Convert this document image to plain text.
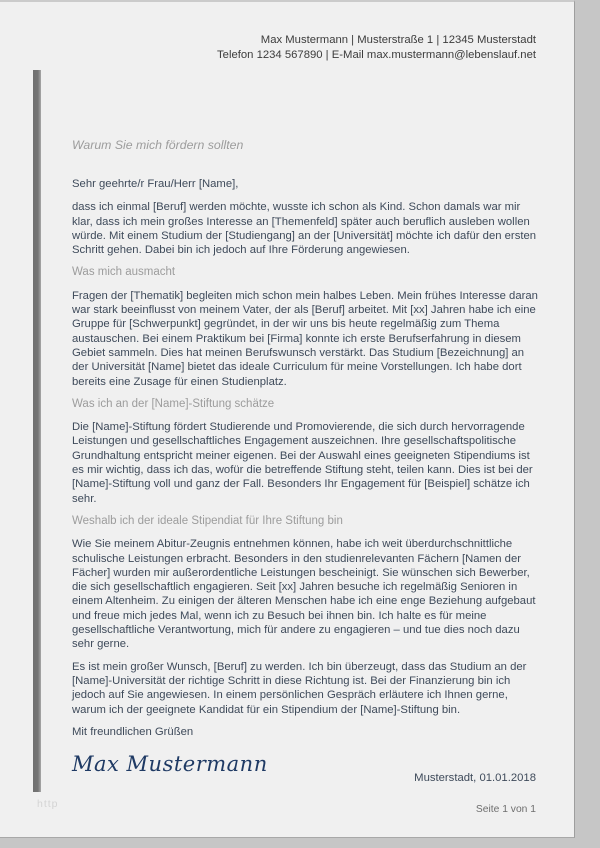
Max Mustermann | Musterstraße 1 | 12345 Musterstadt
Telefon 1234 567890 | E-Mail max.mustermann@lebenslauf.net
Warum Sie mich fördern sollten
Sehr geehrte/r Frau/Herr [Name],

dass ich einmal [Beruf] werden möchte, wusste ich schon als Kind. Schon damals war mir klar, dass ich mein großes Interesse an [Themenfeld] später auch beruflich ausleben wollen würde. Mit einem Studium der [Studiengang] an der [Universität] möchte ich dafür den ersten Schritt gehen. Dabei bin ich jedoch auf Ihre Förderung angewiesen.

Was mich ausmacht

Fragen der [Thematik] begleiten mich schon mein halbes Leben. Mein frühes Interesse daran war stark beeinflusst von meinem Vater, der als [Beruf] arbeitet. Mit [xx] Jahren habe ich eine Gruppe für [Schwerpunkt] gegründet, in der wir uns bis heute regelmäßig zum Thema austauschen. Bei einem Praktikum bei [Firma] konnte ich erste Berufserfahrung in diesem Gebiet sammeln. Dies hat meinen Berufswunsch verstärkt. Das Studium [Bezeichnung] an der Universität [Name] bietet das ideale Curriculum für meine Vorstellungen. Ich habe dort bereits eine Zusage für einen Studienplatz.

Was ich an der [Name]-Stiftung schätze

Die [Name]-Stiftung fördert Studierende und Promovierende, die sich durch hervorragende Leistungen und gesellschaftliches Engagement auszeichnen. Ihre gesellschaftspolitische Grundhaltung entspricht meiner eigenen. Bei der Auswahl eines geeigneten Stipendiums ist es mir wichtig, dass ich das, wofür die betreffende Stiftung steht, teilen kann. Dies ist bei der [Name]-Stiftung voll und ganz der Fall. Besonders Ihr Engagement für [Beispiel] schätze ich sehr.

Weshalb ich der ideale Stipendiat für Ihre Stiftung bin

Wie Sie meinem Abitur-Zeugnis entnehmen können, habe ich weit überdurchschnittliche schulische Leistungen erbracht. Besonders in den studienrelevanten Fächern [Namen der Fächer] wurden mir außerordentliche Leistungen bescheinigt. Sie wünschen sich Bewerber, die sich gesellschaftlich engagieren. Seit [xx] Jahren besuche ich regelmäßig Senioren in einem Altenheim. Zu einigen der älteren Menschen habe ich eine enge Beziehung aufgebaut und freue mich jedes Mal, wenn ich zu Besuch bei ihnen bin. Ich halte es für meine gesellschaftliche Verantwortung, mich für andere zu engagieren – und tue dies noch dazu sehr gerne.

Es ist mein großer Wunsch, [Beruf] zu werden. Ich bin überzeugt, dass das Studium an der [Name]-Universität der richtige Schritt in diese Richtung ist. Bei der Finanzierung bin ich jedoch auf Sie angewiesen. In einem persönlichen Gespräch erläutere ich Ihnen gerne, warum ich der geeignete Kandidat für ein Stipendium der [Name]-Stiftung bin.

Mit freundlichen Grüßen
Max Mustermann
Musterstadt, 01.01.2018
Seite 1 von 1
http
